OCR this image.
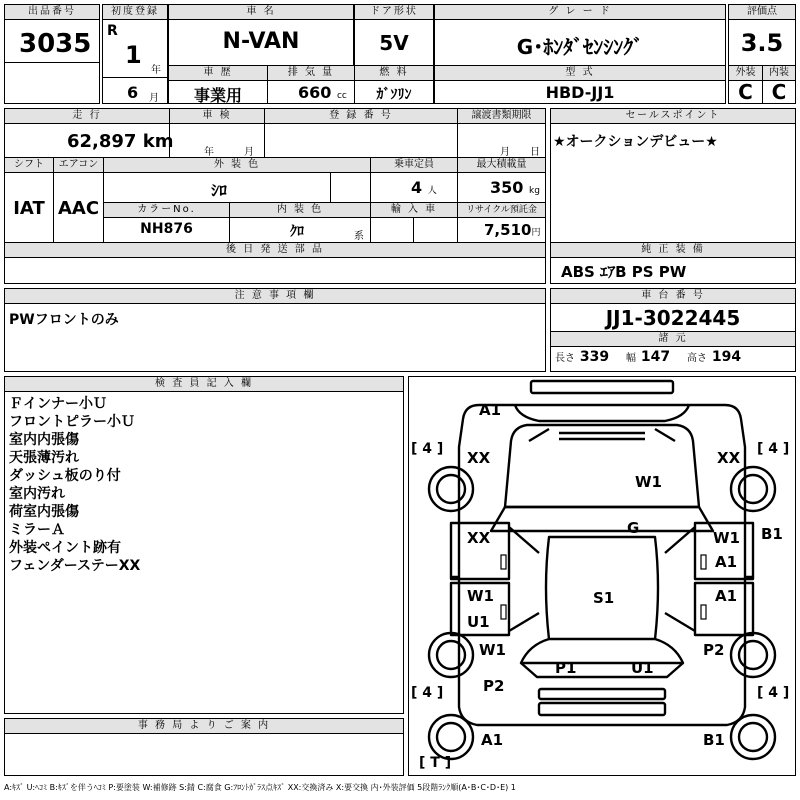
出品番号
3035
初度登録
R
1
年
6 月
車 名
N-VAN
ドア形状
5V
グ レ ー ド
G･ﾎﾝﾀﾞｾﾝｼﾝｸﾞ
評価点
3.5
車 歴
事業用
排 気 量
660 cc
燃 料
ｶﾞｿﾘﾝ
型 式
HBD-JJ1
外装
C
内装
C
走 行
62,897 km
車 検
年	月
登 録 番 号	譲渡書類期限
月 日
シフト
IAT
エアコン
AAC
外 装 色
ｼﾛ
乗車定員
4 人
最大積載量
350 kg
カラーNo.
NH876
内 装 色
ｸﾛ	系
輸 入 車	リサイクル預託金
7,510円
後 日 発 送 部 品
セールスポイント
★オークションデビュー★
純 正 装 備
ABS ｴｱB PS PW
注 意 事 項 欄
PWフロントのみ
車 台 番 号
JJ1-3022445
諸 元
長さ 339 幅 147 高さ 194
検 査 員 記 入 欄
Ｆインナー小Ｕ
フロントピラー小Ｕ
室内内張傷
天張薄汚れ
ダッシュ板のり付
室内汚れ
荷室内張傷
ミラーＡ
外装ペイント跡有
フェンダーステーXX
事 務 局 よ り ご 案 内
A1
[ 4 ]	[ 4 ]
XX	XX
W1
G
XX	W1
A1
B1
W1
U1
S1	A1
W1	P2
P1	U1
P2
[ 4 ]	[ 4 ]
A1	B1
[ T ]
A:ｷｽﾞ U:ﾍｺﾐ B:ｷｽﾞを伴うﾍｺﾐ P:要塗装 W:補修跡 S:錆 C:腐食 G:ﾌﾛﾝﾄｶﾞﾗｽ点ｷｽﾞ XX:交換済み X:要交換 内･外装評価 5段階ﾗﾝｸ順(A･B･C･D･E) 1
